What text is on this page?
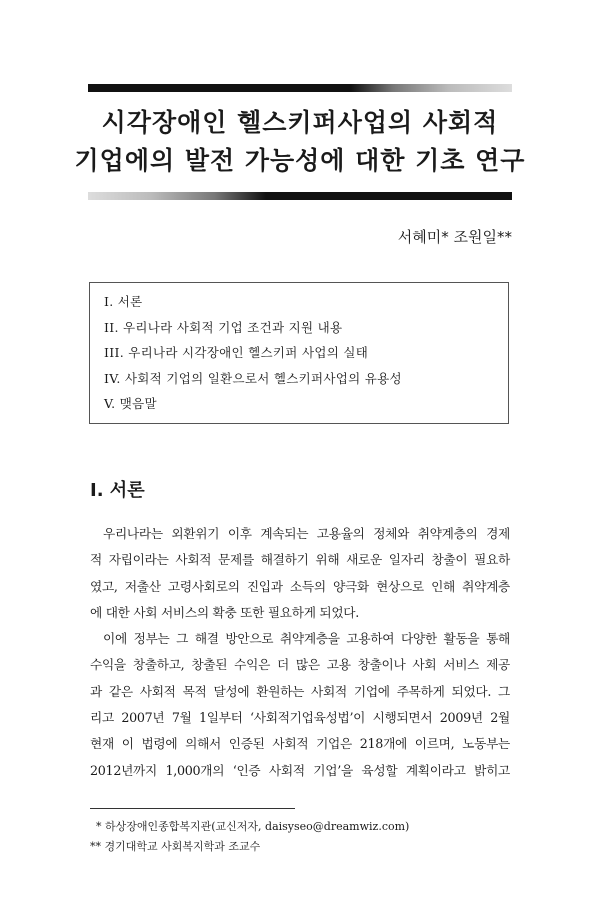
시각장애인 헬스키퍼사업의 사회적
기업에의 발전 가능성에 대한 기초 연구

서혜미* 조원일**

I. 서론
II. 우리나라 사회적 기업 조건과 지원 내용
III. 우리나라 시각장애인 헬스키퍼 사업의 실태
IV. 사회적 기업의 일환으로서 헬스키퍼사업의 유용성
V. 맺음말
I. 서론
우리나라는 외환위기 이후 계속되는 고용율의 정체와 취약계층의 경제
적 자립이라는 사회적 문제를 해결하기 위해 새로운 일자리 창출이 필요하
였고, 저출산 고령사회로의 진입과 소득의 양극화 현상으로 인해 취약계층
에 대한 사회 서비스의 확충 또한 필요하게 되었다.
이에 정부는 그 해결 방안으로 취약계층을 고용하여 다양한 활동을 통해
수익을 창출하고, 창출된 수익은 더 많은 고용 창출이나 사회 서비스 제공
과 같은 사회적 목적 달성에 환원하는 사회적 기업에 주목하게 되었다. 그
리고 2007년 7월 1일부터 ‘사회적기업육성법’이 시행되면서 2009년 2월
현재 이 법령에 의해서 인증된 사회적 기업은 218개에 이르며, 노동부는
2012년까지 1,000개의 ‘인증 사회적 기업’을 육성할 계획이라고 밝히고

* 하상장애인종합복지관(교신저자, daisyseo@dreamwiz.com)

** 경기대학교 사회복지학과 조교수
